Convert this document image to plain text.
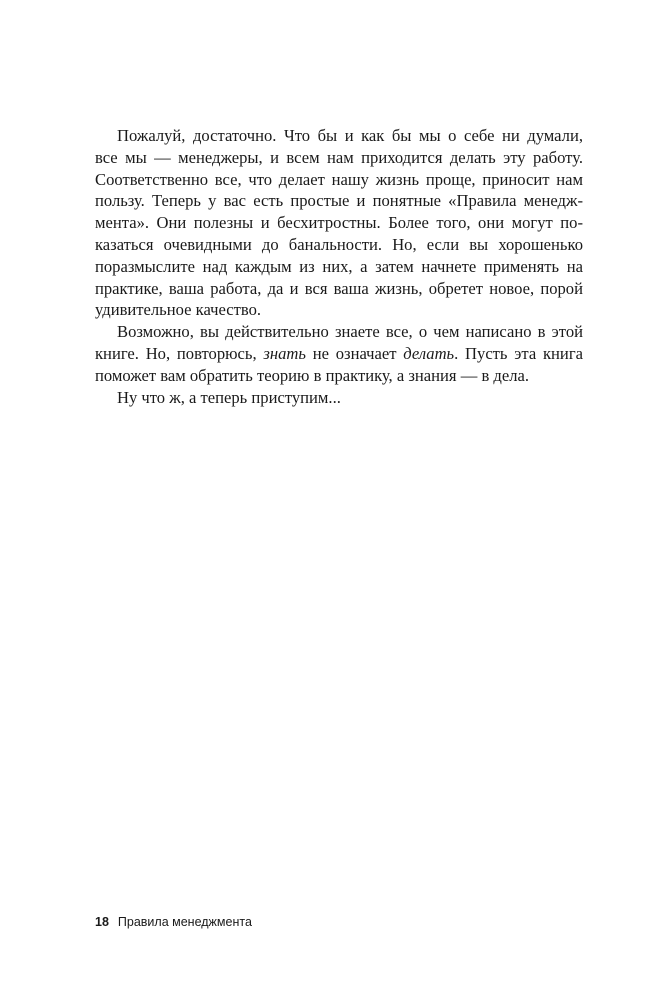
Пожалуй, достаточно. Что бы и как бы мы о себе ни думали,
все мы — менеджеры, и всем нам приходится делать эту работу.
Соответственно все, что делает нашу жизнь проще, приносит нам
пользу. Теперь у вас есть простые и понятные «Правила менедж-
мента». Они полезны и бесхитростны. Более того, они могут по-
казаться очевидными до банальности. Но, если вы хорошенько
поразмыслите над каждым из них, а затем начнете применять на
практике, ваша работа, да и вся ваша жизнь, обретет новое, порой
удивительное качество.
Возможно, вы действительно знаете все, о чем написано в этой
книге. Но, повторюсь, знать не означает делать. Пусть эта книга
поможет вам обратить теорию в практику, а знания — в дела.
Ну что ж, а теперь приступим...
18 Правила менеджмента
